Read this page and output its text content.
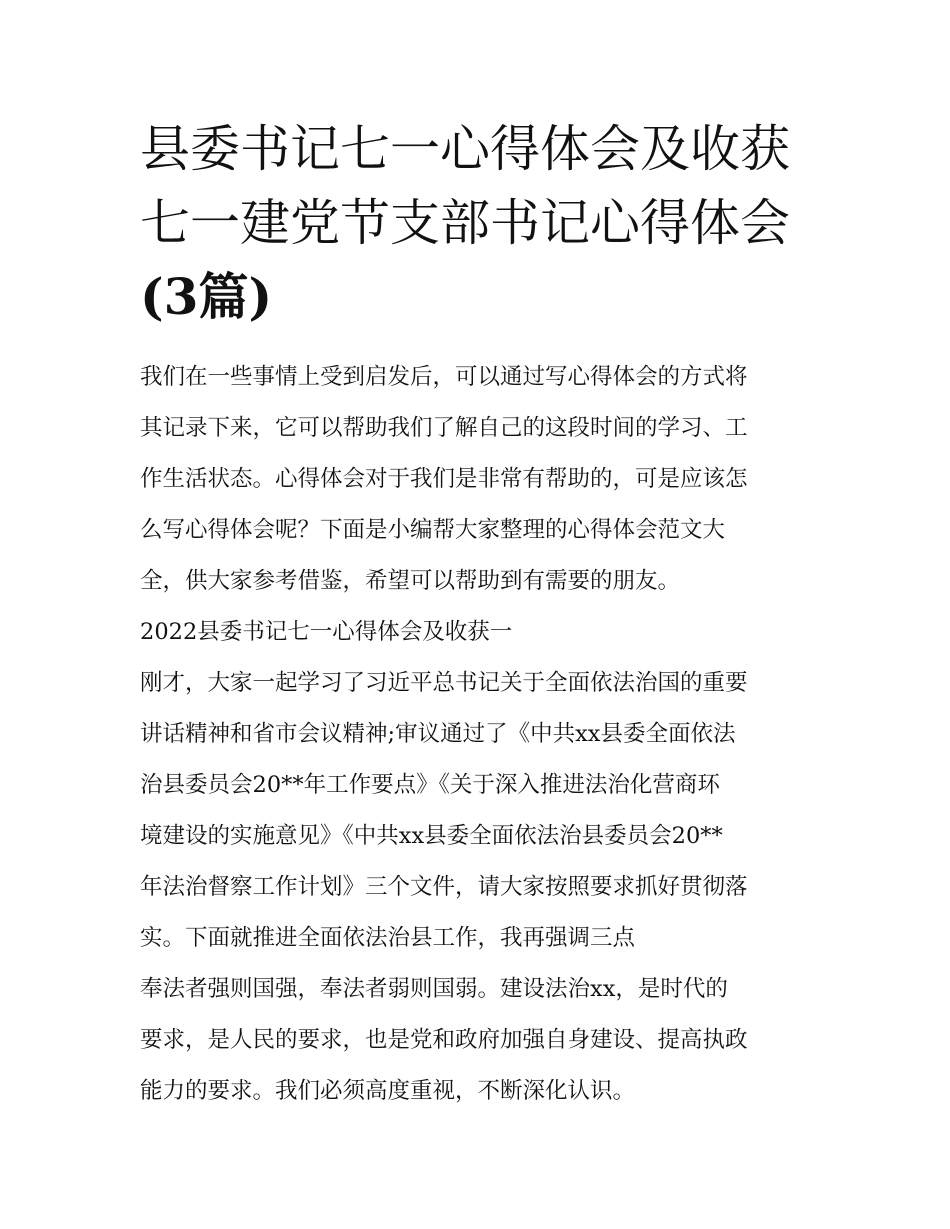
县委书记七一心得体会及收获
七一建党节支部书记心得体会
(3篇)

我们在一些事情上受到启发后，可以通过写心得体会的方式将
其记录下来，它可以帮助我们了解自己的这段时间的学习、工
作生活状态。心得体会对于我们是非常有帮助的，可是应该怎
么写心得体会呢？下面是小编帮大家整理的心得体会范文大
全，供大家参考借鉴，希望可以帮助到有需要的朋友。

2022县委书记七一心得体会及收获一

刚才，大家一起学习了习近平总书记关于全面依法治国的重要
讲话精神和省市会议精神;审议通过了《中共xx县委全面依法
治县委员会20**年工作要点》《关于深入推进法治化营商环
境建设的实施意见》《中共xx县委全面依法治县委员会20**
年法治督察工作计划》三个文件，请大家按照要求抓好贯彻落
实。下面就推进全面依法治县工作，我再强调三点

奉法者强则国强，奉法者弱则国弱。建设法治xx，是时代的
要求，是人民的要求，也是党和政府加强自身建设、提高执政
能力的要求。我们必须高度重视，不断深化认识。
